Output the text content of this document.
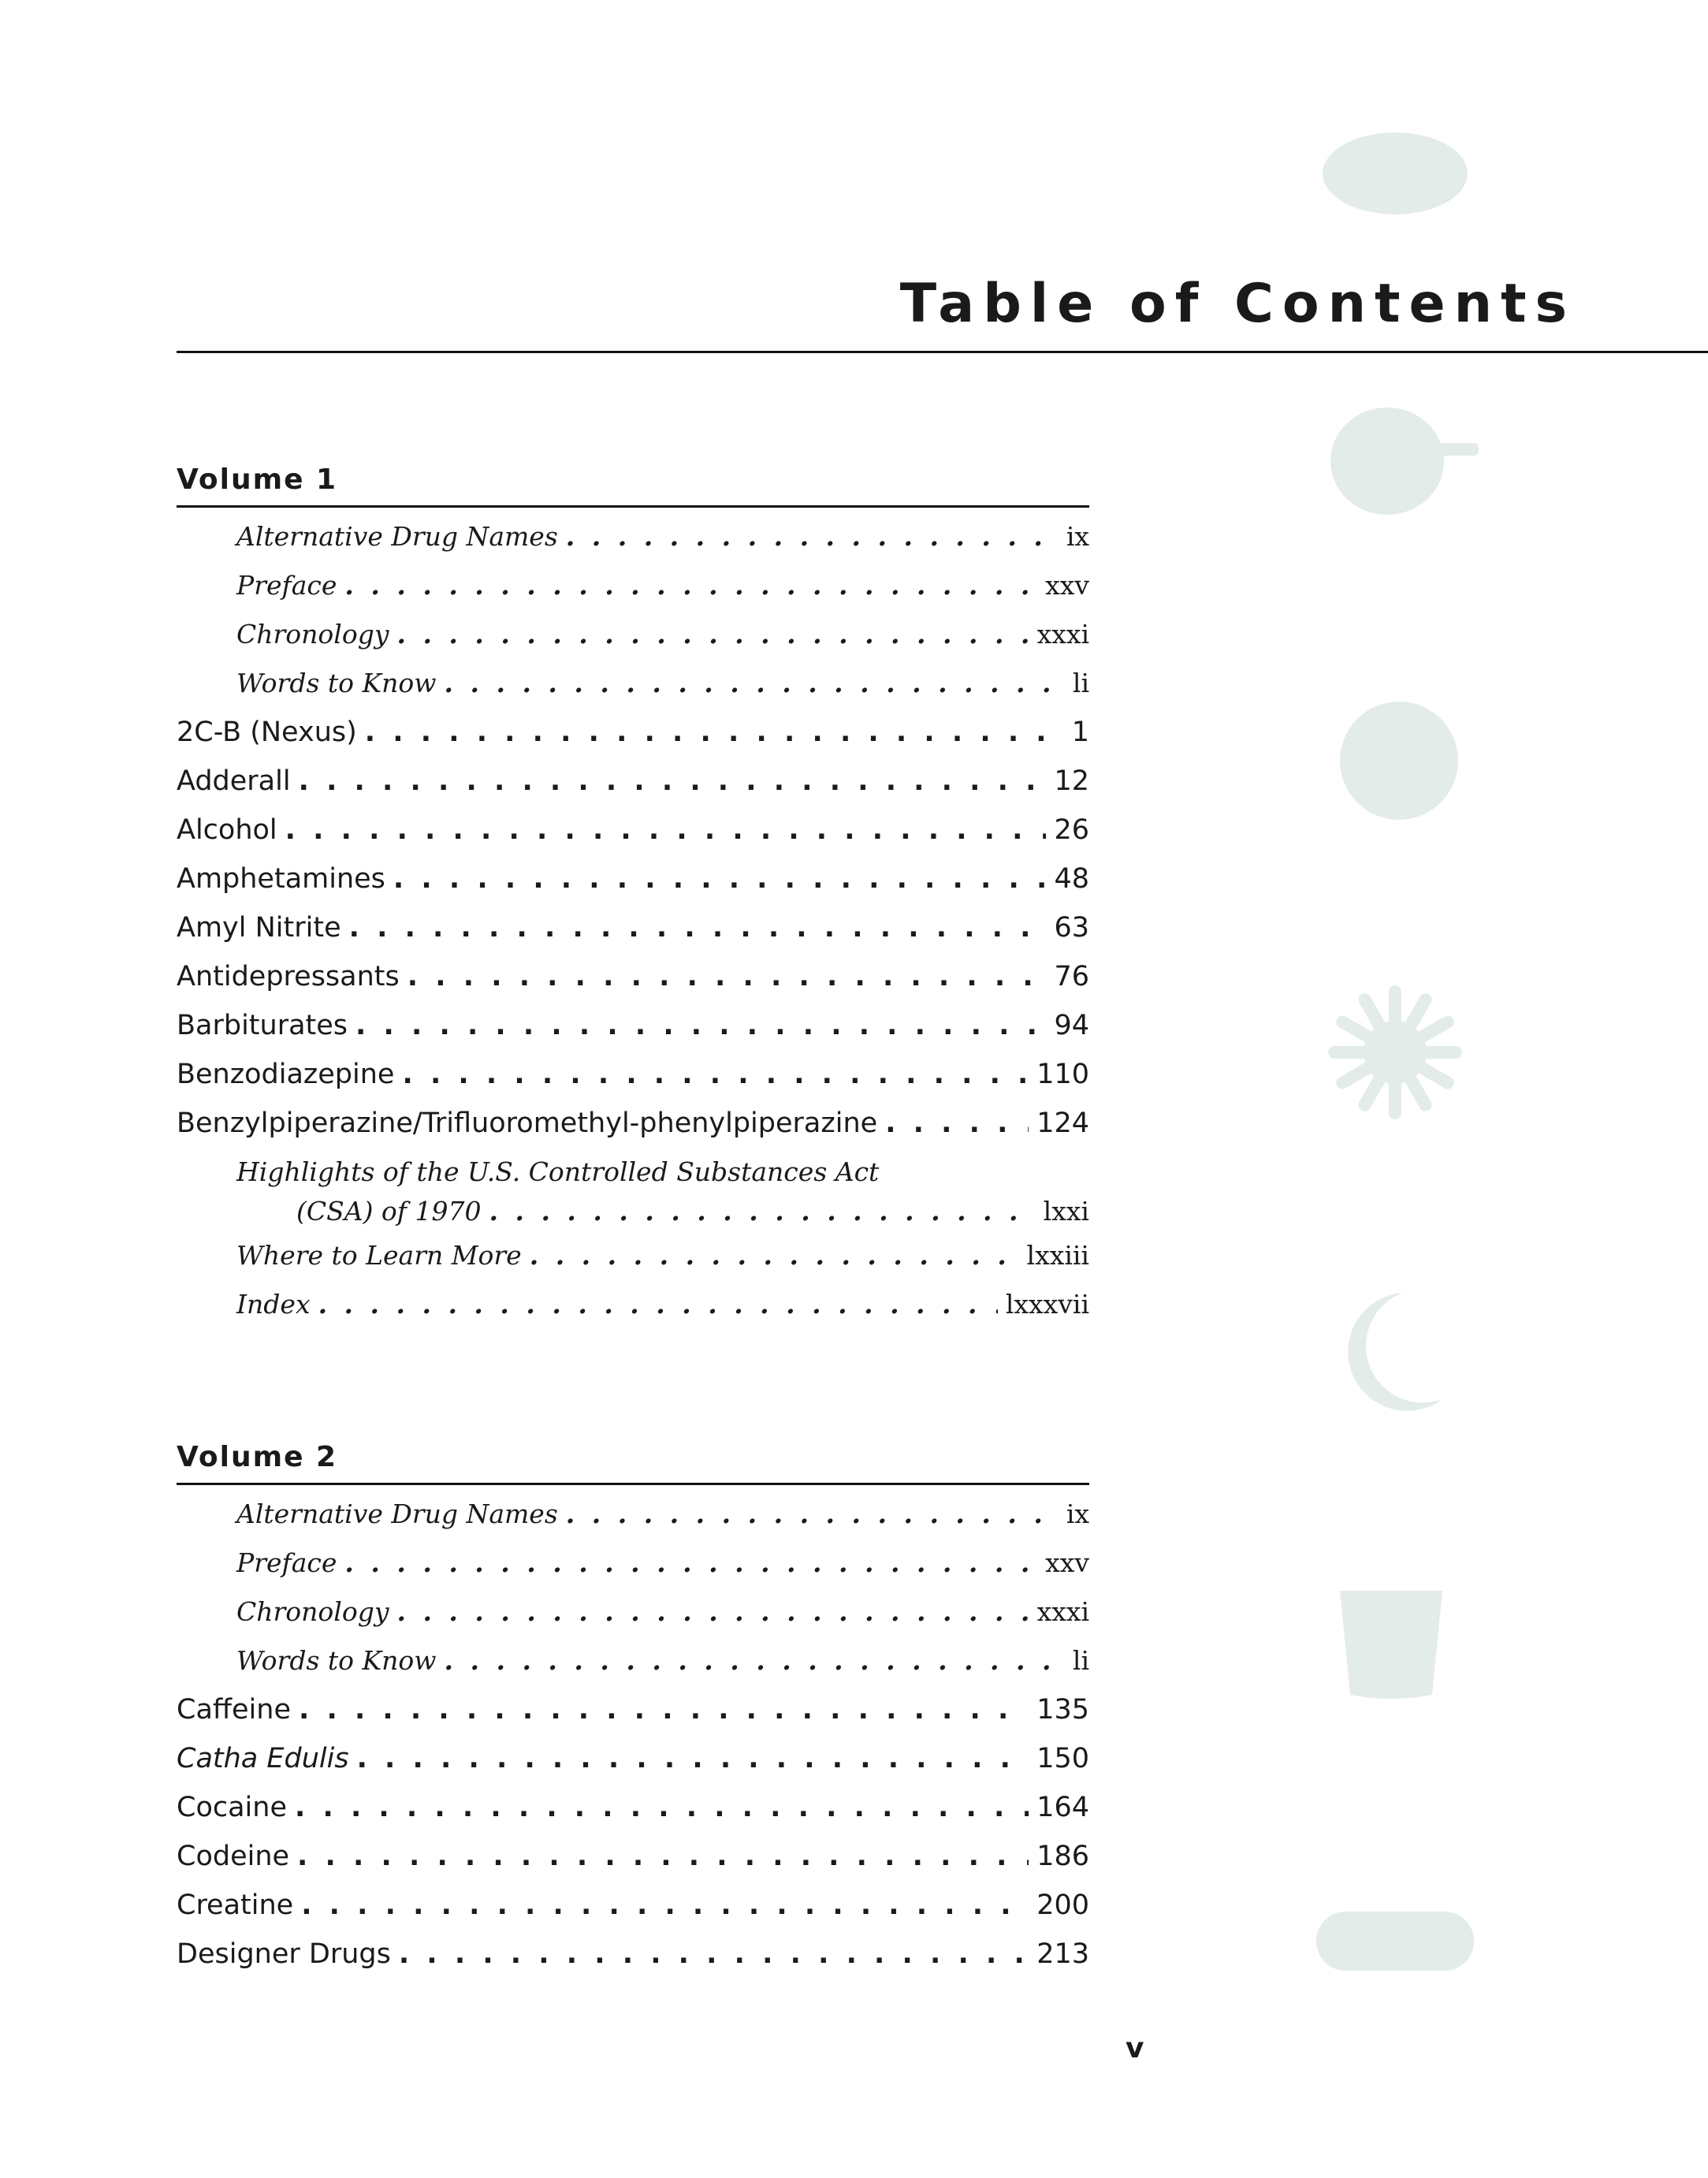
Table of Contents
Volume 1
Alternative Drug Names . . .	ix
Preface . . .	xxv
Chronology . . .	xxxi
Words to Know . . .	li
2C-B (Nexus) . . .	1
Adderall . . .	12
Alcohol . . .	26
Amphetamines . . .	48
Amyl Nitrite . . .	63
Antidepressants . . .	76
Barbiturates . . .	94
Benzodiazepine . . .	110
Benzylpiperazine/Trifluoromethyl-phenylpiperazine . . .	124
Highlights of the U.S. Controlled Substances Act
(CSA) of 1970 . . .	lxxi
Where to Learn More . . .	lxxiii
Index . . .	lxxxvii
Volume 2
Alternative Drug Names . . .	ix
Preface . . .	xxv
Chronology . . .	xxxi
Words to Know . . .	li
Caffeine . . .	135
Catha Edulis . . .	150
Cocaine . . .	164
Codeine . . .	186
Creatine . . .	200
Designer Drugs . . .	213

v
